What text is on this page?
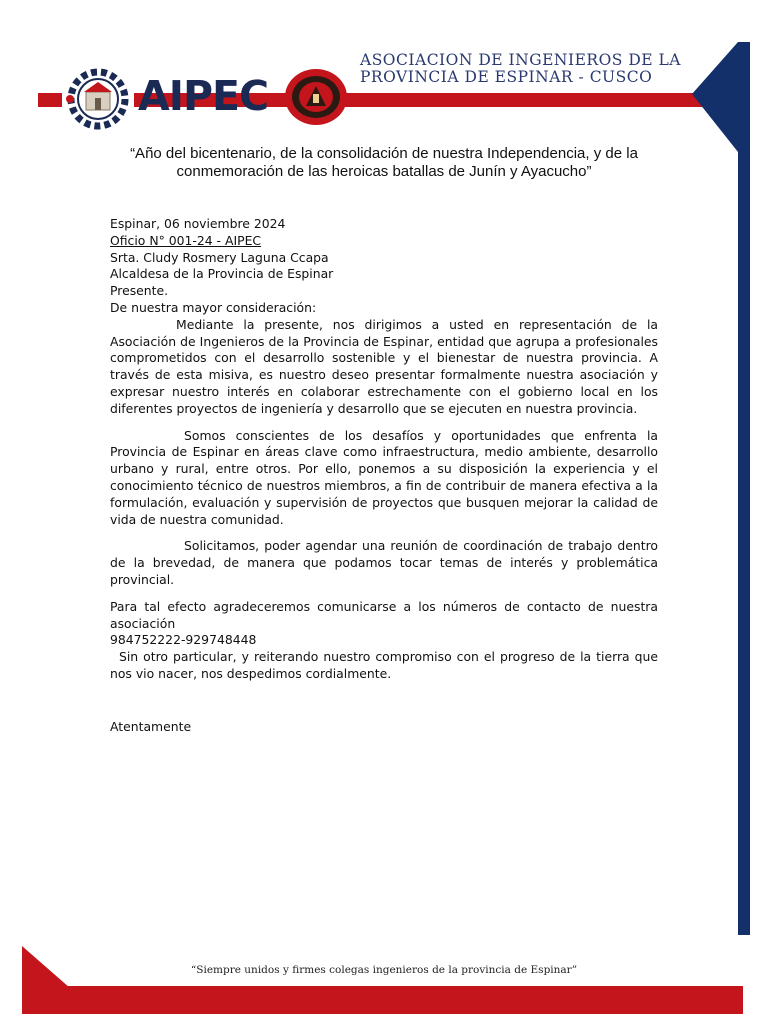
AIPEC
ASOCIACION DE INGENIEROS DE LA
PROVINCIA DE ESPINAR - CUSCO
“Año del bicentenario, de la consolidación de nuestra Independencia, y de la conmemoración de las heroicas batallas de Junín y Ayacucho”

Espinar, 06 noviembre 2024

Oficio N° 001-24 - AIPEC

Srta. Cludy Rosmery Laguna Ccapa

Alcaldesa de la Provincia de Espinar

Presente.

De nuestra mayor consideración:

Mediante la presente, nos dirigimos a usted en representación de la Asociación de Ingenieros de la Provincia de Espinar, entidad que agrupa a profesionales comprometidos con el desarrollo sostenible y el bienestar de nuestra provincia. A través de esta misiva, es nuestro deseo presentar formalmente nuestra asociación y expresar nuestro interés en colaborar estrechamente con el gobierno local en los diferentes proyectos de ingeniería y desarrollo que se ejecuten en nuestra provincia.

Somos conscientes de los desafíos y oportunidades que enfrenta la Provincia de Espinar en áreas clave como infraestructura, medio ambiente, desarrollo urbano y rural, entre otros. Por ello, ponemos a su disposición la experiencia y el conocimiento técnico de nuestros miembros, a fin de contribuir de manera efectiva a la formulación, evaluación y supervisión de proyectos que busquen mejorar la calidad de vida de nuestra comunidad.

Solicitamos, poder agendar una reunión de coordinación de trabajo dentro de la brevedad, de manera que podamos tocar temas de interés y problemática provincial.

Para tal efecto agradeceremos comunicarse a los números de contacto de nuestra asociación

984752222-929748448

Sin otro particular, y reiterando nuestro compromiso con el progreso de la tierra que nos vio nacer, nos despedimos cordialmente.

Atentamente

“Siempre unidos y firmes colegas ingenieros de la provincia de Espinar”
